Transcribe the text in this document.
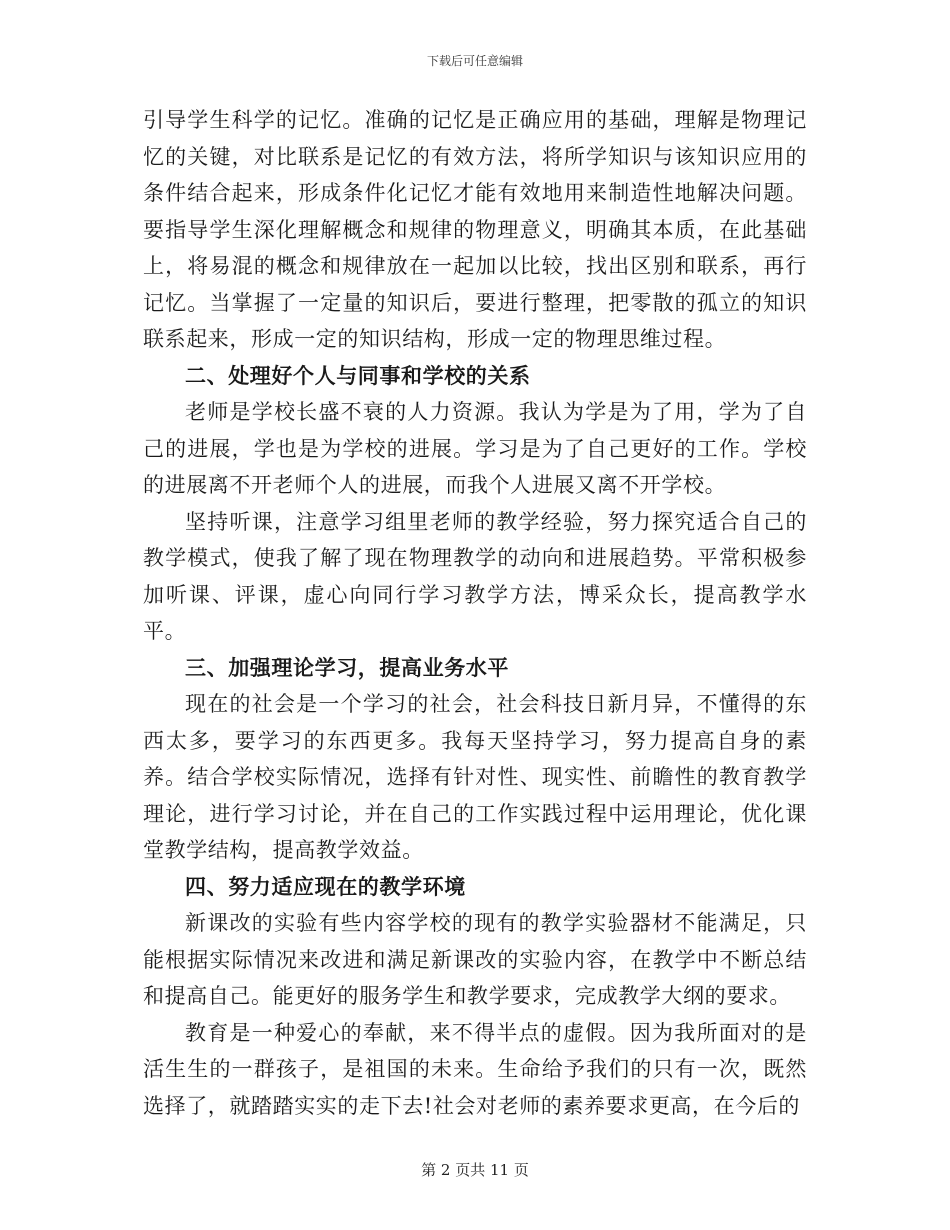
下载后可任意编辑

引导学生科学的记忆。准确的记忆是正确应用的基础，理解是物理记忆的关键，对比联系是记忆的有效方法，将所学知识与该知识应用的条件结合起来，形成条件化记忆才能有效地用来制造性地解决问题。要指导学生深化理解概念和规律的物理意义，明确其本质，在此基础上，将易混的概念和规律放在一起加以比较，找出区别和联系，再行记忆。当掌握了一定量的知识后，要进行整理，把零散的孤立的知识联系起来，形成一定的知识结构，形成一定的物理思维过程。

二、处理好个人与同事和学校的关系

老师是学校长盛不衰的人力资源。我认为学是为了用，学为了自己的进展，学也是为学校的进展。学习是为了自己更好的工作。学校的进展离不开老师个人的进展，而我个人进展又离不开学校。

坚持听课，注意学习组里老师的教学经验，努力探究适合自己的教学模式，使我了解了现在物理教学的动向和进展趋势。平常积极参加听课、评课，虚心向同行学习教学方法，博采众长，提高教学水平。

三、加强理论学习，提高业务水平

现在的社会是一个学习的社会，社会科技日新月异，不懂得的东西太多，要学习的东西更多。我每天坚持学习，努力提高自身的素养。结合学校实际情况，选择有针对性、现实性、前瞻性的教育教学理论，进行学习讨论，并在自己的工作实践过程中运用理论，优化课堂教学结构，提高教学效益。

四、努力适应现在的教学环境

新课改的实验有些内容学校的现有的教学实验器材不能满足，只能根据实际情况来改进和满足新课改的实验内容，在教学中不断总结和提高自己。能更好的服务学生和教学要求，完成教学大纲的要求。

教育是一种爱心的奉献，来不得半点的虚假。因为我所面对的是活生生的一群孩子，是祖国的未来。生命给予我们的只有一次，既然选择了，就踏踏实实的走下去!社会对老师的素养要求更高，在今后的

第 2 页共 11 页
